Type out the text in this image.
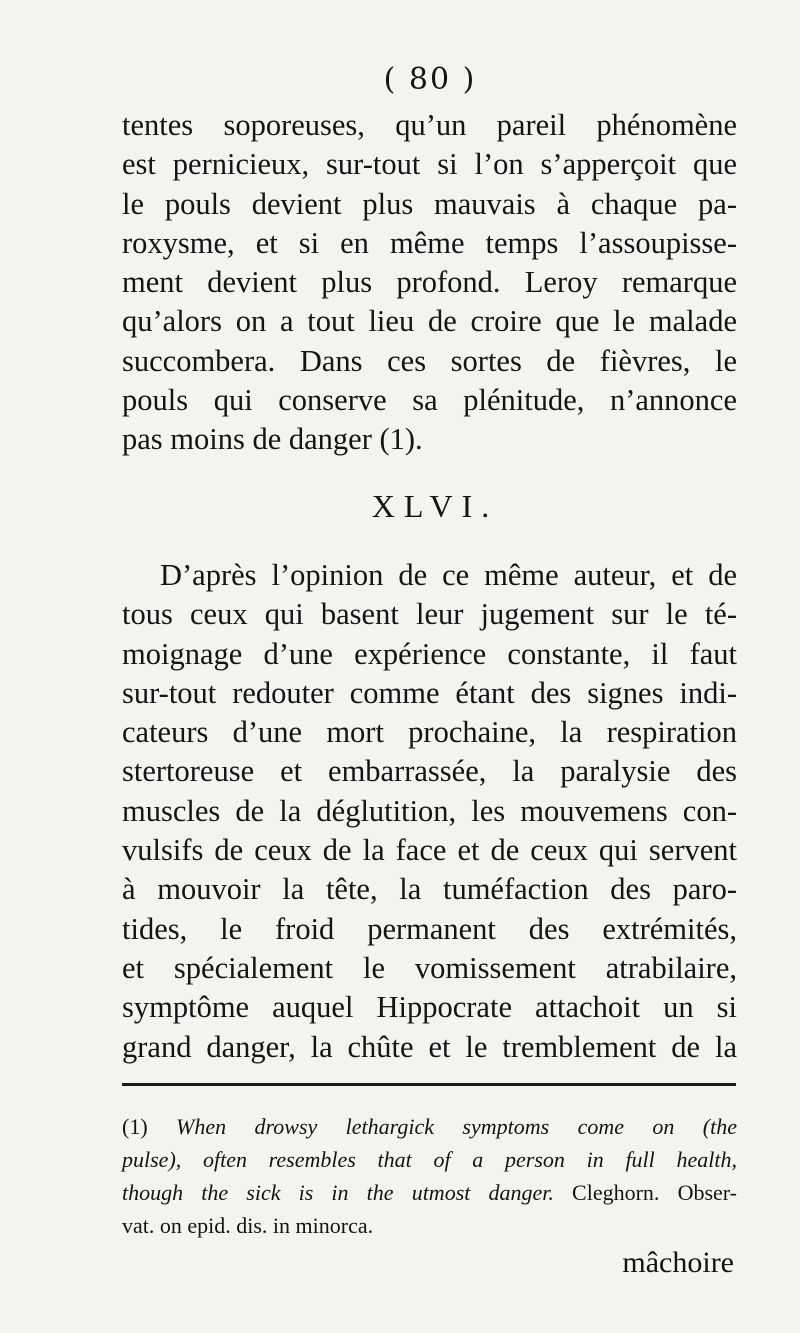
( 80 )
tentes soporeuses, qu’un pareil phénomène
est pernicieux, sur-tout si l’on s’apperçoit que
le pouls devient plus mauvais à chaque pa-
roxysme, et si en même temps l’assoupisse-
ment devient plus profond. Leroy remarque
qu’alors on a tout lieu de croire que le malade
succombera. Dans ces sortes de fièvres, le
pouls qui conserve sa plénitude, n’annonce
pas moins de danger (1).
XLVI.
D’après l’opinion de ce même auteur, et de
tous ceux qui basent leur jugement sur le té-
moignage d’une expérience constante, il faut
sur-tout redouter comme étant des signes indi-
cateurs d’une mort prochaine, la respiration
stertoreuse et embarrassée, la paralysie des
muscles de la déglutition, les mouvemens con-
vulsifs de ceux de la face et de ceux qui servent
à mouvoir la tête, la tuméfaction des paro-
tides, le froid permanent des extrémités,
et spécialement le vomissement atrabilaire,
symptôme auquel Hippocrate attachoit un si
grand danger, la chûte et le tremblement de la
(1) When drowsy lethargick symptoms come on (the
pulse), often resembles that of a person in full health,
though the sick is in the utmost danger. Cleghorn. Obser-
vat. on epid. dis. in minorca.
mâchoire
